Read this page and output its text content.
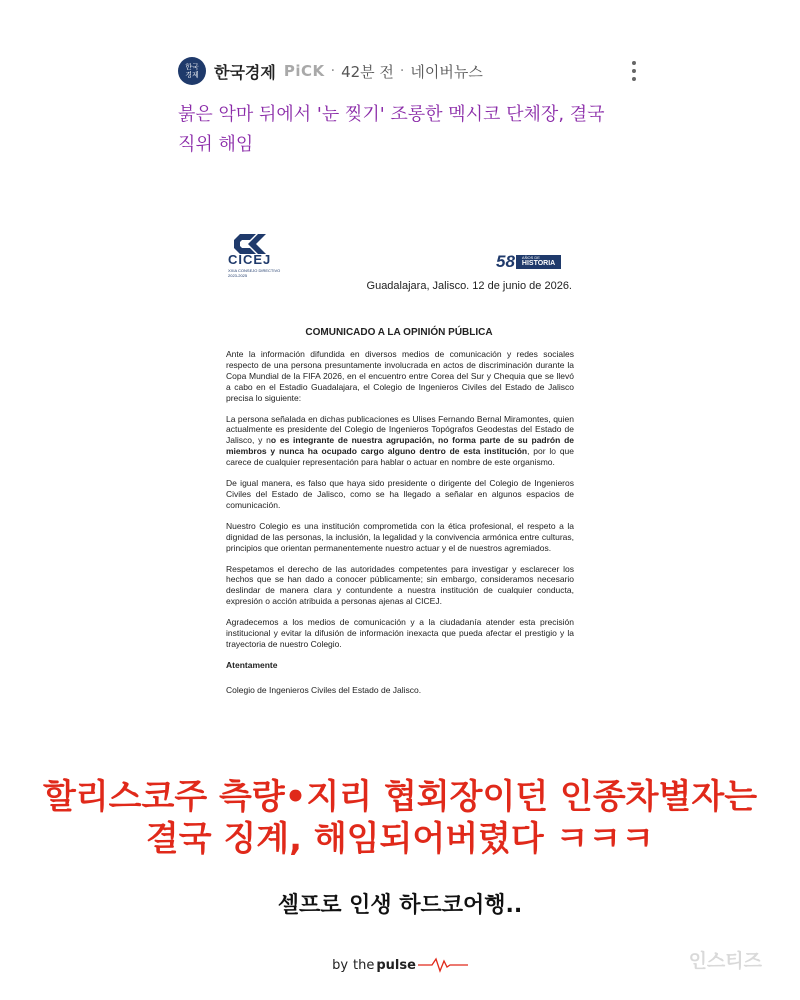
한국
경제 한국경제 PiCK · 42분 전 · 네이버뉴스
붉은 악마 뒤에서 '눈 찢기' 조롱한 멕시코 단체장, 결국 직위 해임
CICEJ
XXIA CONSEJO DIRECTIVO 2023-2025
58 AÑOS DE
HISTORIA
Guadalajara, Jalisco. 12 de junio de 2026.
COMUNICADO A LA OPINIÓN PÚBLICA

Ante la información difundida en diversos medios de comunicación y redes sociales respecto de una persona presuntamente involucrada en actos de discriminación durante la Copa Mundial de la FIFA 2026, en el encuentro entre Corea del Sur y Chequia que se llevó a cabo en el Estadio Guadalajara, el Colegio de Ingenieros Civiles del Estado de Jalisco precisa lo siguiente:

La persona señalada en dichas publicaciones es Ulises Fernando Bernal Miramontes, quien actualmente es presidente del Colegio de Ingenieros Topógrafos Geodestas del Estado de Jalisco, y no es integrante de nuestra agrupación, no forma parte de su padrón de miembros y nunca ha ocupado cargo alguno dentro de esta institución, por lo que carece de cualquier representación para hablar o actuar en nombre de este organismo.

De igual manera, es falso que haya sido presidente o dirigente del Colegio de Ingenieros Civiles del Estado de Jalisco, como se ha llegado a señalar en algunos espacios de comunicación.

Nuestro Colegio es una institución comprometida con la ética profesional, el respeto a la dignidad de las personas, la inclusión, la legalidad y la convivencia armónica entre culturas, principios que orientan permanentemente nuestro actuar y el de nuestros agremiados.

Respetamos el derecho de las autoridades competentes para investigar y esclarecer los hechos que se han dado a conocer públicamente; sin embargo, consideramos necesario deslindar de manera clara y contundente a nuestra institución de cualquier conducta, expresión o acción atribuida a personas ajenas al CICEJ.

Agradecemos a los medios de comunicación y a la ciudadanía atender esta precisión institucional y evitar la difusión de información inexacta que pueda afectar el prestigio y la trayectoria de nuestro Colegio.

Atentamente

Colegio de Ingenieros Civiles del Estado de Jalisco.

할리스코주 측량•지리 협회장이던 인종차별자는
결국 징계, 해임되어버렸다 ㅋㅋㅋ
셀프로 인생 하드코어행..
by the pulse	인스티즈
